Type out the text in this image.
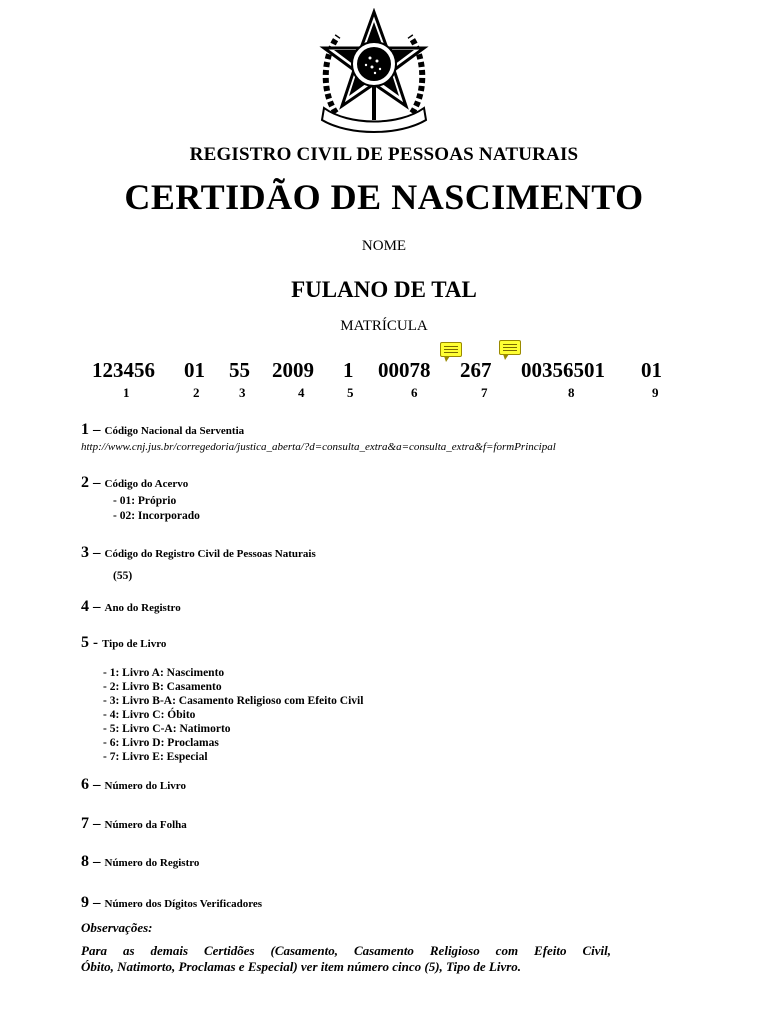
REGISTRO CIVIL DE PESSOAS NATURAIS
CERTIDÃO DE NASCIMENTO
NOME
FULANO DE TAL
MATRÍCULA
123456 01 55 2009 1 00078 267 00356501 01
1	2	3	4	5	6	7	8	9
1 – Código Nacional da Serventia
http://www.cnj.jus.br/corregedoria/justica_aberta/?d=consulta_extra&a=consulta_extra&f=formPrincipal
2 – Código do Acervo
- 01: Próprio
- 02: Incorporado
3 – Código do Registro Civil de Pessoas Naturais
(55)
4 – Ano do Registro
5 - Tipo de Livro
- 1: Livro A: Nascimento
- 2: Livro B: Casamento
- 3: Livro B-A: Casamento Religioso com Efeito Civil
- 4: Livro C: Óbito
- 5: Livro C-A: Natimorto
- 6: Livro D: Proclamas
- 7: Livro E: Especial
6 – Número do Livro
7 – Número da Folha
8 – Número do Registro
9 – Número dos Dígitos Verificadores
Observações:
Para as demais Certidões (Casamento, Casamento Religioso com Efeito Civil,
Óbito, Natimorto, Proclamas e Especial) ver item número cinco (5), Tipo de Livro.
